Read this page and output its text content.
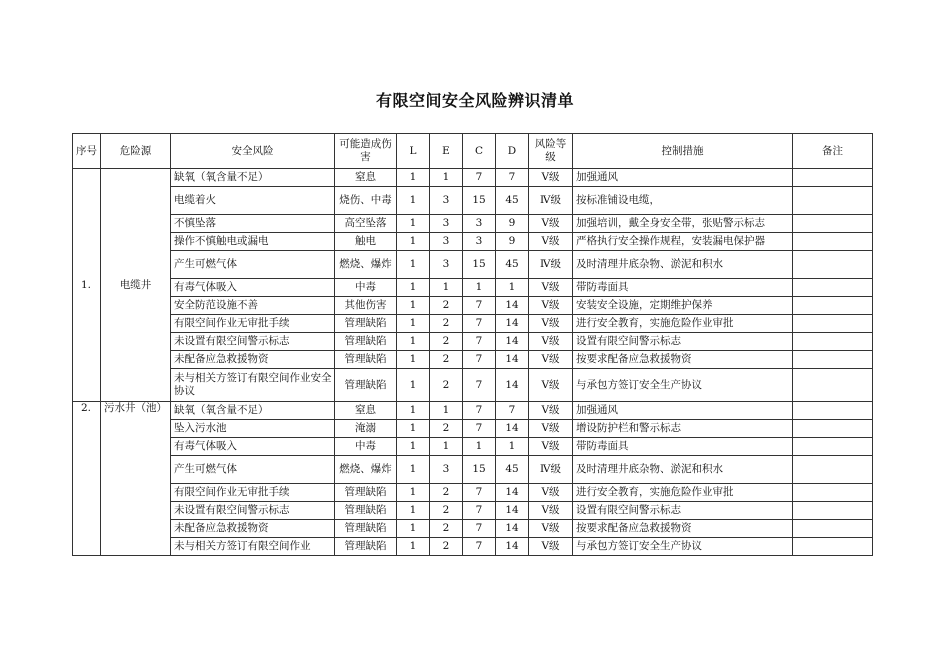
有限空间安全风险辨识清单
序号	危险源	安全风险	可能造成伤害	L	E	C	D	风险等级	控制措施	备注
1.	电缆井	缺氧（氧含量不足）	窒息	1	1	7	7	Ⅴ级	加强通风	
		电缆着火	烧伤、中毒	1	3	15	45	Ⅳ级	按标准铺设电缆，	
		不慎坠落	高空坠落	1	3	3	9	Ⅴ级	加强培训，戴全身安全带，张贴警示标志	
		操作不慎触电或漏电	触电	1	3	3	9	Ⅴ级	严格执行安全操作规程，安装漏电保护器	
		产生可燃气体	燃烧、爆炸	1	3	15	45	Ⅳ级	及时清理井底杂物、淤泥和积水	
		有毒气体吸入	中毒	1	1	1	1	Ⅴ级	带防毒面具	
		安全防范设施不善	其他伤害	1	2	7	14	Ⅴ级	安装安全设施，定期维护保养	
		有限空间作业无审批手续	管理缺陷	1	2	7	14	Ⅴ级	进行安全教育，实施危险作业审批	
		未设置有限空间警示标志	管理缺陷	1	2	7	14	Ⅴ级	设置有限空间警示标志	
		未配备应急救援物资	管理缺陷	1	2	7	14	Ⅴ级	按要求配备应急救援物资	
		未与相关方签订有限空间作业安全协议	管理缺陷	1	2	7	14	Ⅴ级	与承包方签订安全生产协议	
2.	污水井（池）	缺氧（氧含量不足）	窒息	1	1	7	7	Ⅴ级	加强通风	
		坠入污水池	淹溺	1	2	7	14	Ⅴ级	增设防护栏和警示标志	
		有毒气体吸入	中毒	1	1	1	1	Ⅴ级	带防毒面具	
		产生可燃气体	燃烧、爆炸	1	3	15	45	Ⅳ级	及时清理井底杂物、淤泥和积水	
		有限空间作业无审批手续	管理缺陷	1	2	7	14	Ⅴ级	进行安全教育，实施危险作业审批	
		未设置有限空间警示标志	管理缺陷	1	2	7	14	Ⅴ级	设置有限空间警示标志	
		未配备应急救援物资	管理缺陷	1	2	7	14	Ⅴ级	按要求配备应急救援物资	
		未与相关方签订有限空间作业	管理缺陷	1	2	7	14	Ⅴ级	与承包方签订安全生产协议	
